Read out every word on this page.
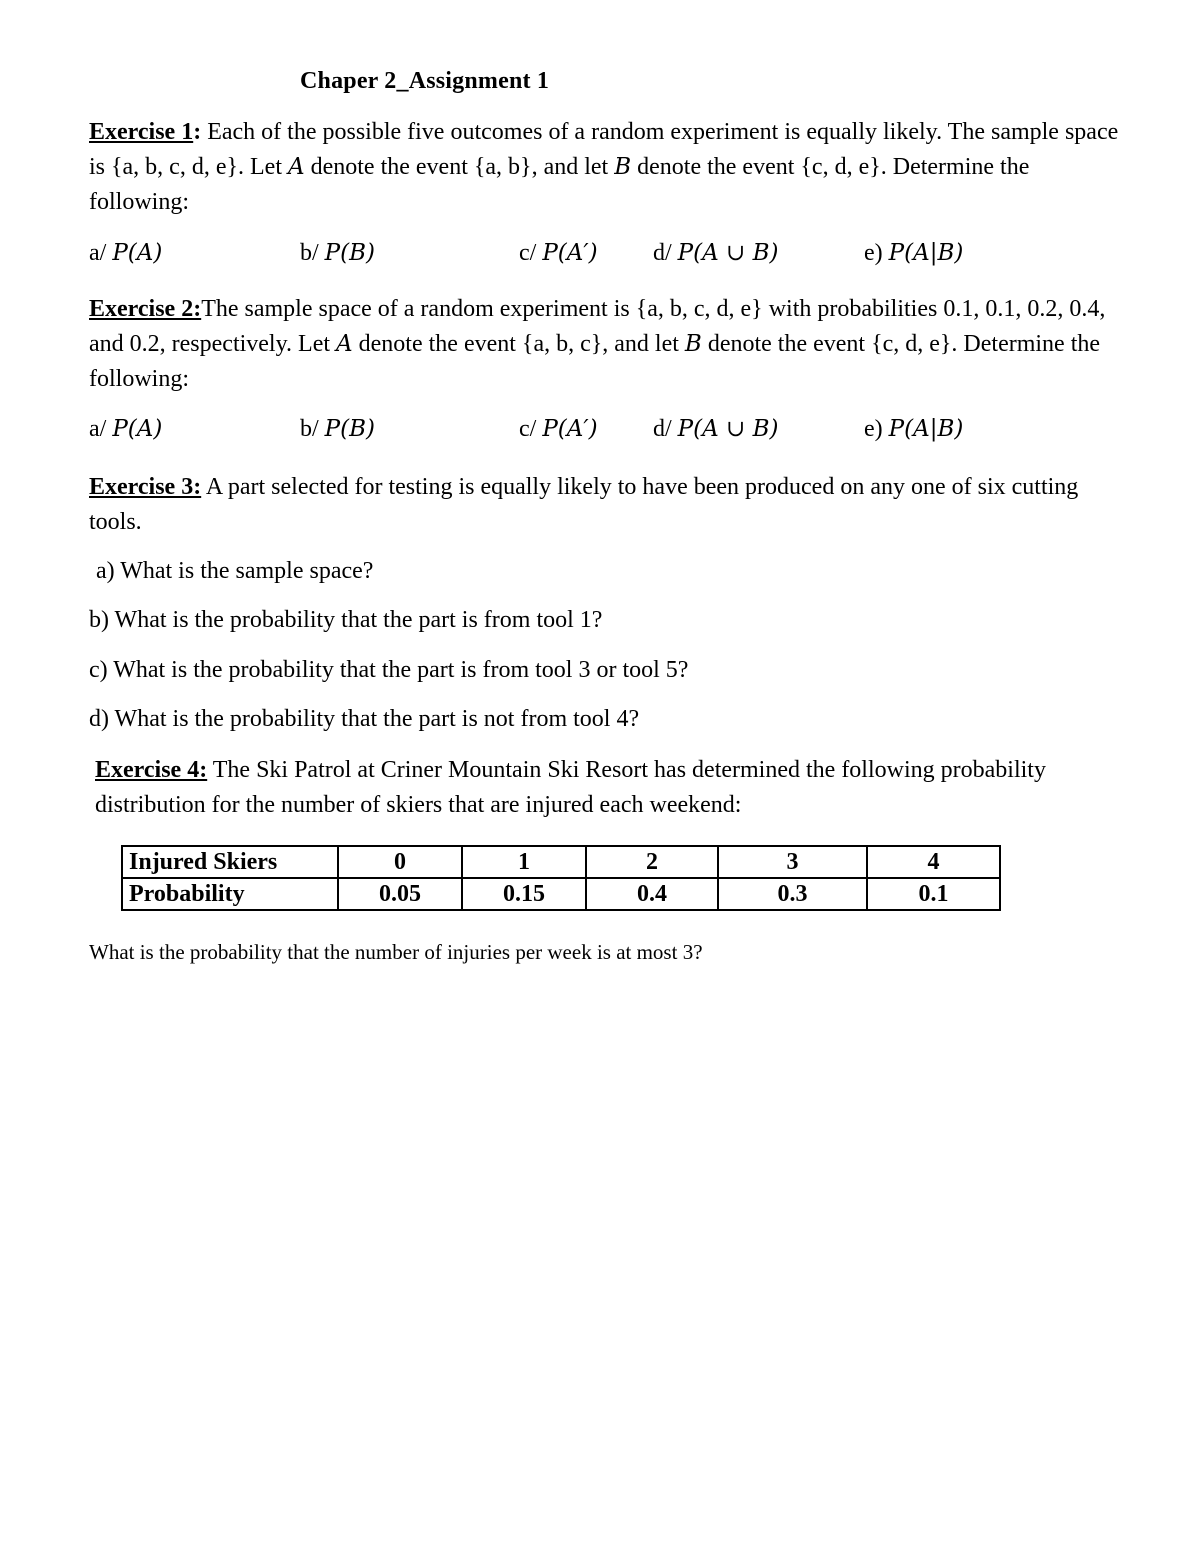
Chaper 2_Assignment 1
Exercise 1: Each of the possible five outcomes of a random experiment is equally likely. The sample space is {a, b, c, d, e}. Let A denote the event {a, b}, and let B denote the event {c, d, e}. Determine the following:
a/ P(A)	b/ P(B)	c/ P(A′) d/ P(A ∪ B)	e) P(A|B)
Exercise 2:The sample space of a random experiment is {a, b, c, d, e} with probabilities 0.1, 0.1, 0.2, 0.4, and 0.2, respectively. Let A denote the event {a, b, c}, and let B denote the event {c, d, e}. Determine the following:
a/ P(A)	b/ P(B)	c/ P(A′) d/ P(A ∪ B)	e) P(A|B)
Exercise 3: A part selected for testing is equally likely to have been produced on any one of six cutting tools.
a) What is the sample space?
b) What is the probability that the part is from tool 1?
c) What is the probability that the part is from tool 3 or tool 5?
d) What is the probability that the part is not from tool 4?
Exercise 4: The Ski Patrol at Criner Mountain Ski Resort has determined the following probability distribution for the number of skiers that are injured each weekend:
Injured Skiers	0	1	2	3	4
Probability	0.05	0.15	0.4	0.3	0.1
What is the probability that the number of injuries per week is at most 3?
